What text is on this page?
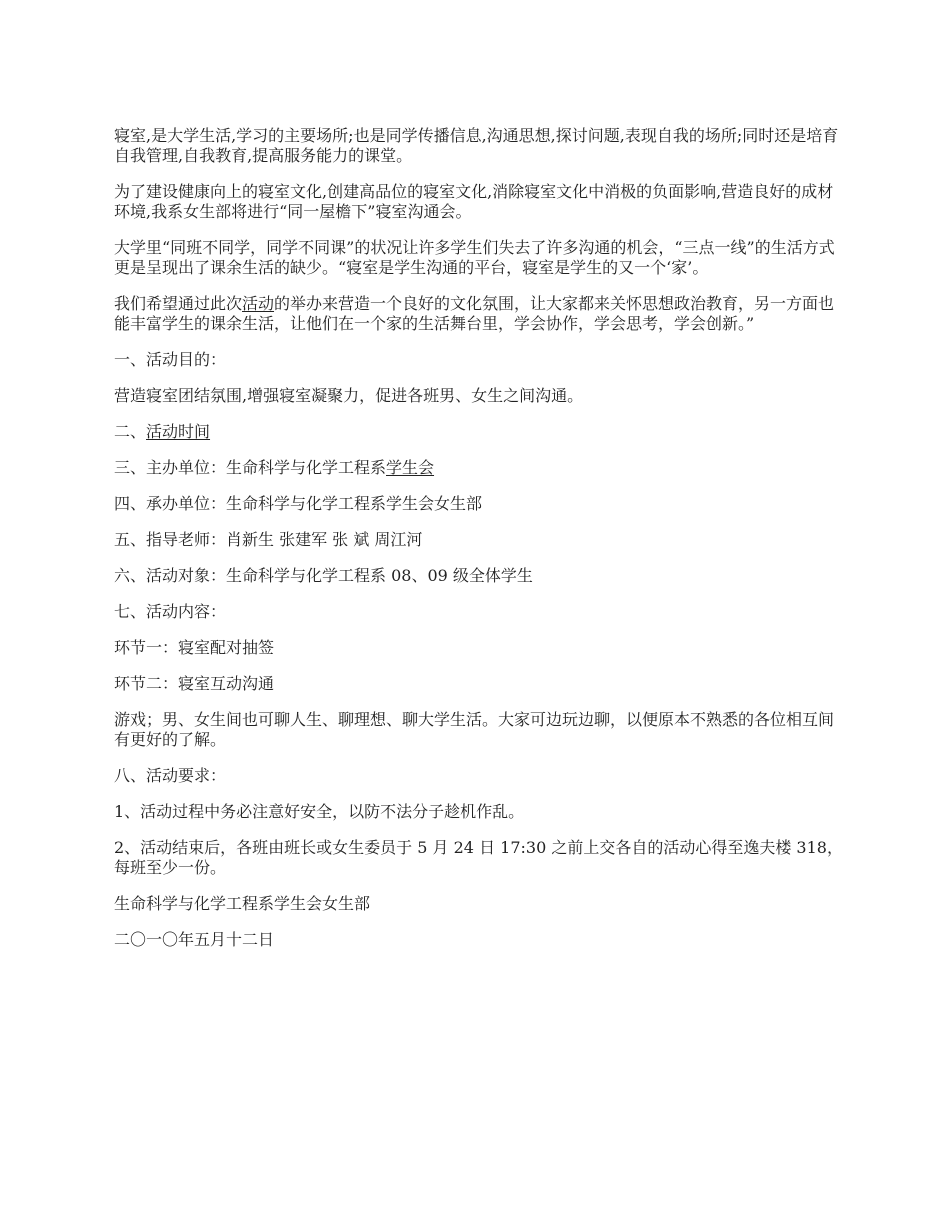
寝室,是大学生活,学习的主要场所;也是同学传播信息,沟通思想,探讨问题,表现自我的场所;同时还是培育自我管理,自我教育,提高服务能力的课堂。

为了建设健康向上的寝室文化,创建高品位的寝室文化,消除寝室文化中消极的负面影响,营造良好的成材环境,我系女生部将进行“同一屋檐下”寝室沟通会。

大学里“同班不同学，同学不同课”的状况让许多学生们失去了许多沟通的机会，“三点一线”的生活方式更是呈现出了课余生活的缺少。“寝室是学生沟通的平台，寝室是学生的又一个‘家’。

我们希望通过此次活动的举办来营造一个良好的文化氛围，让大家都来关怀思想政治教育，另一方面也能丰富学生的课余生活，让他们在一个家的生活舞台里，学会协作，学会思考，学会创新。”

一、活动目的：

营造寝室团结氛围,增强寝室凝聚力，促进各班男、女生之间沟通。

二、活动时间

三、主办单位：生命科学与化学工程系学生会

四、承办单位：生命科学与化学工程系学生会女生部

五、指导老师：肖新生 张建军 张 斌 周江河

六、活动对象：生命科学与化学工程系 08、09 级全体学生

七、活动内容：

环节一：寝室配对抽签

环节二：寝室互动沟通

游戏；男、女生间也可聊人生、聊理想、聊大学生活。大家可边玩边聊，以便原本不熟悉的各位相互间有更好的了解。

八、活动要求：

1、活动过程中务必注意好安全，以防不法分子趁机作乱。

2、活动结束后，各班由班长或女生委员于 5 月 24 日 17:30 之前上交各自的活动心得至逸夫楼 318，每班至少一份。

生命科学与化学工程系学生会女生部

二〇一〇年五月十二日
